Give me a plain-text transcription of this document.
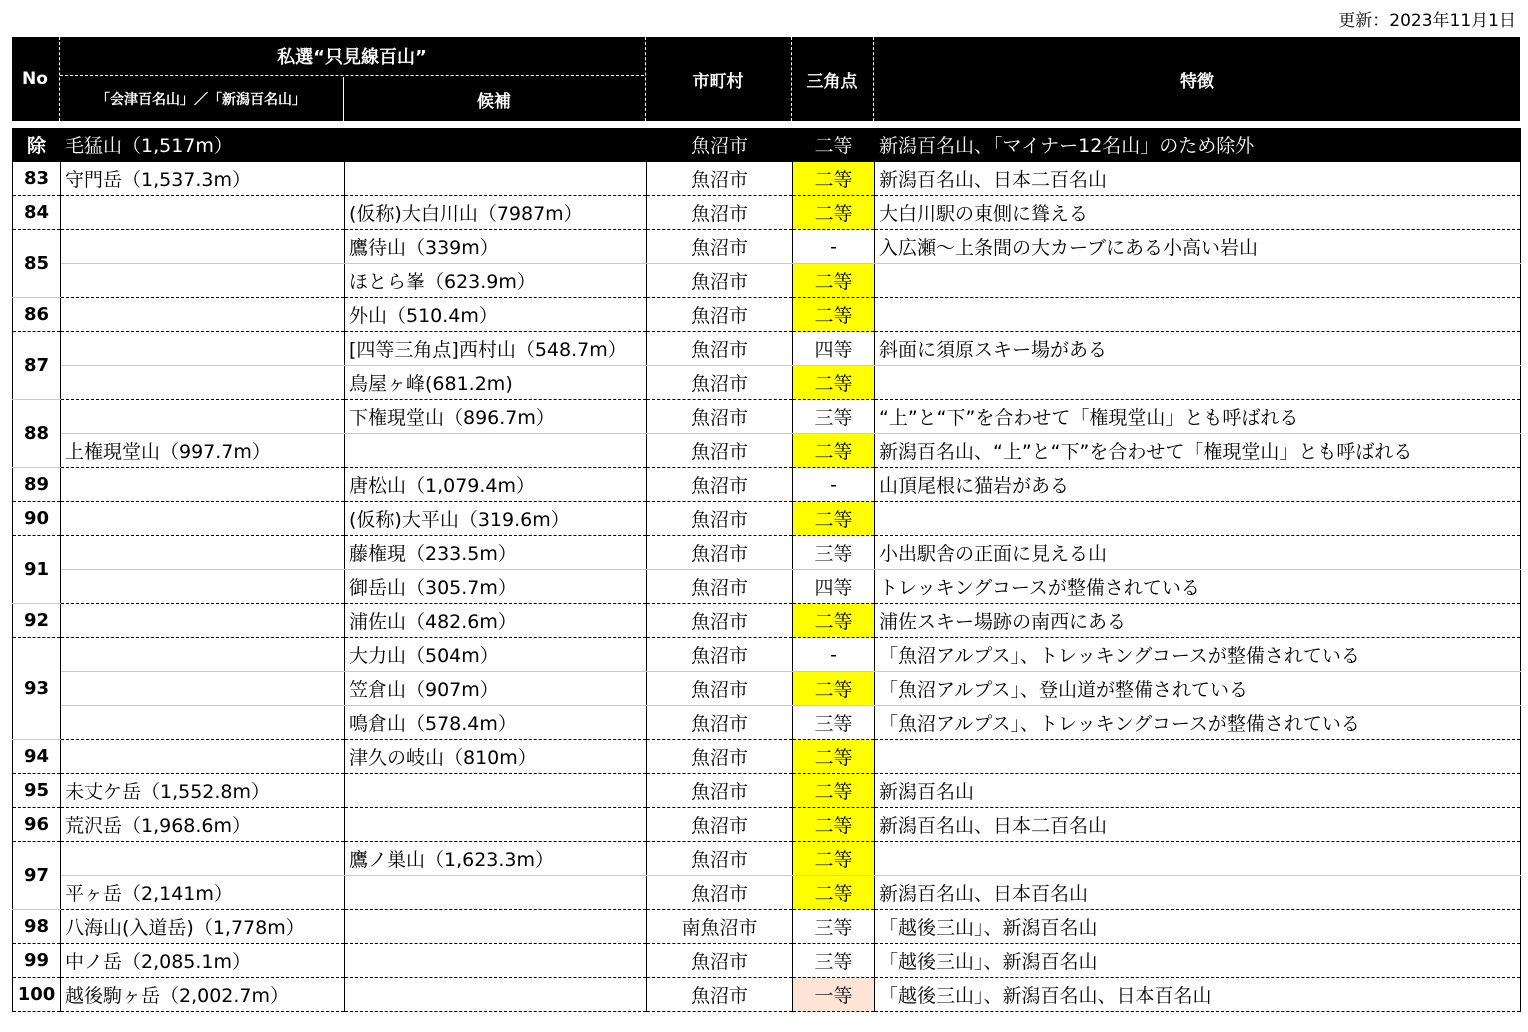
更新：2023年11月1日
No
私選“只見線百山”
「会津百名山」／「新潟百名山」	候補
市町村	三角点	特徴
除	毛猛山（1,517m）		魚沼市	二等	新潟百名山、「マイナー12名山」のため除外
83	守門岳（1,537.3m）		魚沼市	二等	新潟百名山、日本二百名山
84		(仮称)大白川山（7987m）	魚沼市	二等	大白川駅の東側に聳える
85		鷹待山（339m）	魚沼市	-	入広瀬～上条間の大カーブにある小高い岩山
		ほとら峯（623.9m）	魚沼市	二等	
86		外山（510.4m）	魚沼市	二等	
87		[四等三角点]西村山（548.7m）	魚沼市	四等	斜面に須原スキー場がある
		鳥屋ヶ峰(681.2m)	魚沼市	二等	
88		下権現堂山（896.7m）	魚沼市	三等	“上”と“下”を合わせて「権現堂山」とも呼ばれる
	上権現堂山（997.7m）		魚沼市	二等	新潟百名山、“上”と“下”を合わせて「権現堂山」とも呼ばれる
89		唐松山（1,079.4m）	魚沼市	-	山頂尾根に猫岩がある
90		(仮称)大平山（319.6m）	魚沼市	二等	
91		藤権現（233.5m）	魚沼市	三等	小出駅舎の正面に見える山
		御岳山（305.7m）	魚沼市	四等	トレッキングコースが整備されている
92		浦佐山（482.6m）	魚沼市	二等	浦佐スキー場跡の南西にある
93		大力山（504m）	魚沼市	-	「魚沼アルプス」、トレッキングコースが整備されている
		笠倉山（907m）	魚沼市	二等	「魚沼アルプス」、登山道が整備されている
		鳴倉山（578.4m）	魚沼市	三等	「魚沼アルプス」、トレッキングコースが整備されている
94		津久の岐山（810m）	魚沼市	二等	
95	未丈ケ岳（1,552.8m）		魚沼市	二等	新潟百名山
96	荒沢岳（1,968.6m）		魚沼市	二等	新潟百名山、日本二百名山
97		鷹ノ巣山（1,623.3m）	魚沼市	二等	
	平ヶ岳（2,141m）		魚沼市	二等	新潟百名山、日本百名山
98	八海山(入道岳)（1,778m）		南魚沼市	三等	「越後三山」、新潟百名山
99	中ノ岳（2,085.1m）		魚沼市	三等	「越後三山」、新潟百名山
100	越後駒ヶ岳（2,002.7m）		魚沼市	一等	「越後三山」、新潟百名山、日本百名山
